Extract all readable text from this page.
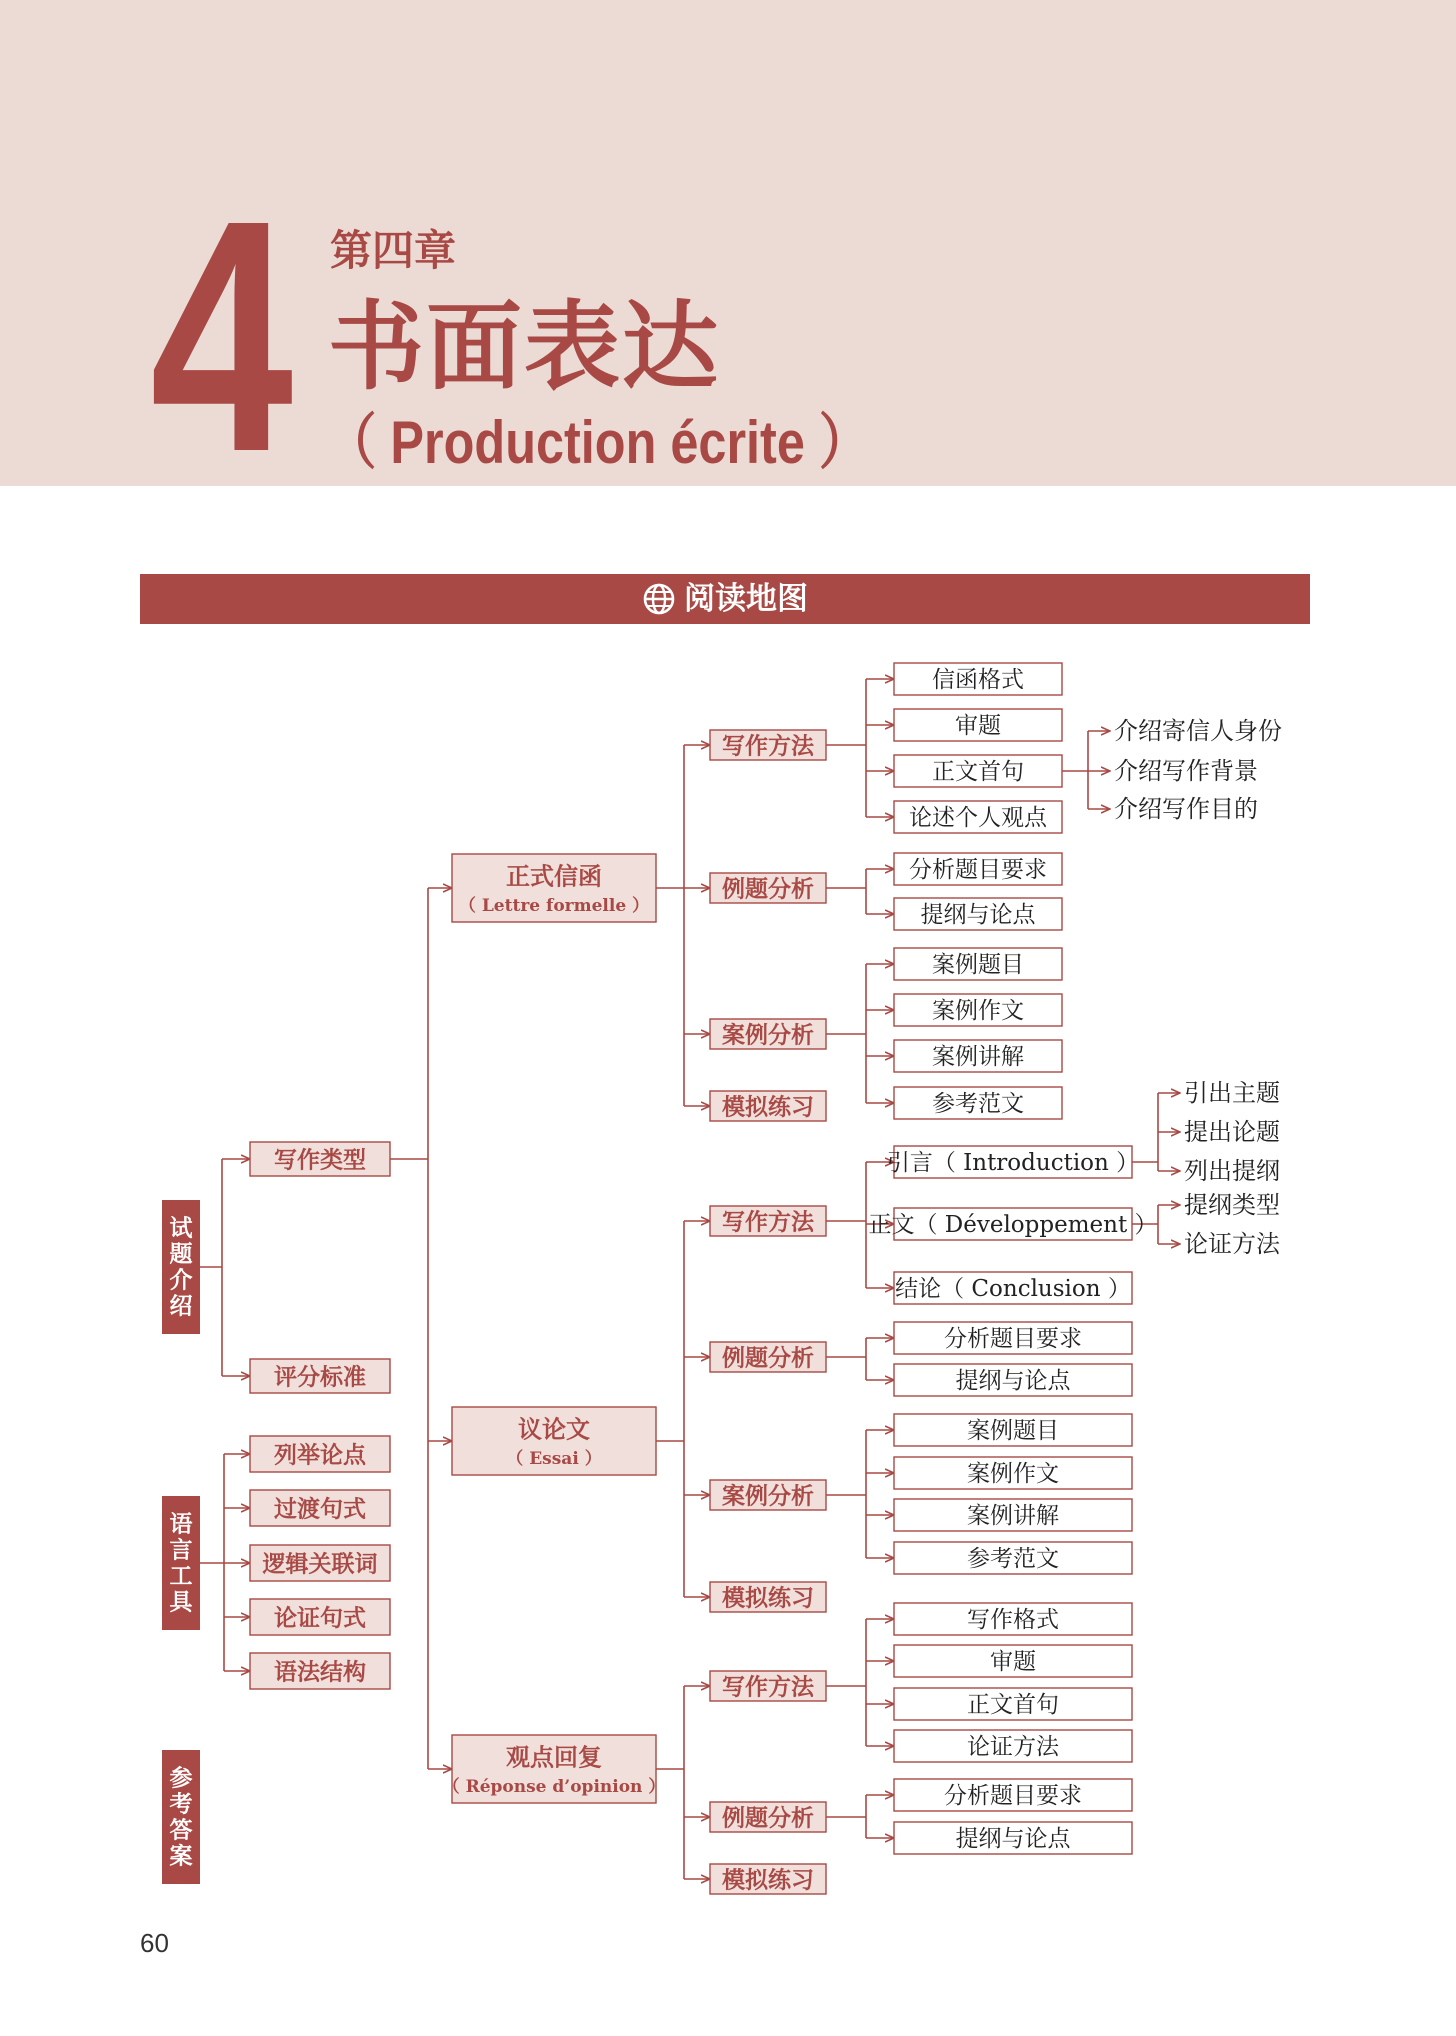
4 第四章
书面表达
（ Production écrite ）
阅读地图
试
题
介
绍
语
言
工
具
参
考
答
案
写作类型
评分标准
列举论点
过渡句式
逻辑关联词
论证句式
语法结构
正式信函
（ Lettre formelle ）
议论文
（ Essai ）
观点回复
（ Réponse d’opinion ）
写作方法
例题分析
案例分析
模拟练习
写作方法
例题分析
案例分析
模拟练习
写作方法
例题分析
模拟练习
信函格式
审题
正文首句
论述个人观点
分析题目要求
提纲与论点
案例题目
案例作文
案例讲解
参考范文
引言（ Introduction ）
正文（ Développement ）
结论（ Conclusion ）
分析题目要求
提纲与论点
案例题目
案例作文
案例讲解
参考范文
写作格式
审题
正文首句
论证方法
分析题目要求
提纲与论点
介绍寄信人身份
介绍写作背景
介绍写作目的
引出主题
提出论题
列出提纲
提纲类型
论证方法
60
